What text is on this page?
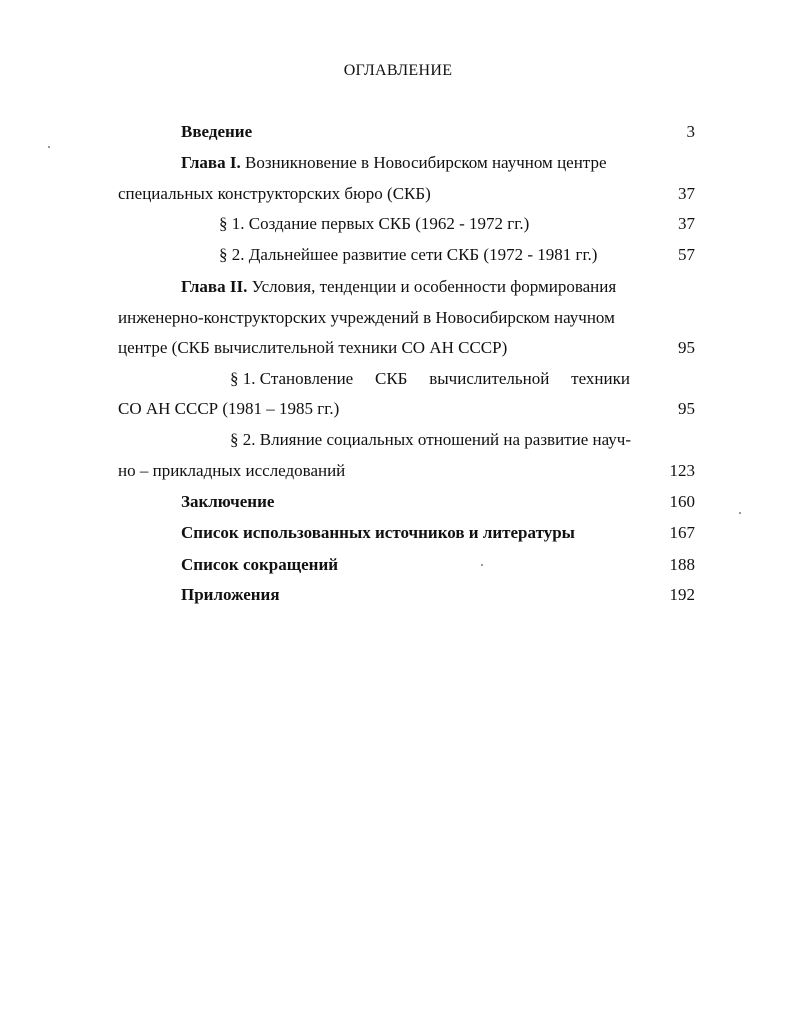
ОГЛАВЛЕНИЕ
Введение	3
Глава I. Возникновение в Новосибирском научном центре
специальных конструкторских бюро (СКБ)	37
§ 1. Создание первых СКБ (1962 - 1972 гг.)	37
§ 2. Дальнейшее развитие сети СКБ (1972 - 1981 гг.)	57
Глава II. Условия, тенденции и особенности формирования
инженерно-конструкторских учреждений в Новосибирском научном
центре (СКБ вычислительной техники СО АН СССР)	95
§ 1. Становление СКБ вычислительной техники
СО АН СССР (1981 – 1985 гг.)	95
§ 2. Влияние социальных отношений на развитие науч-
но – прикладных исследований	123
Заключение	160
Список использованных источников и литературы	167
Список сокращений	188
Приложения	192
